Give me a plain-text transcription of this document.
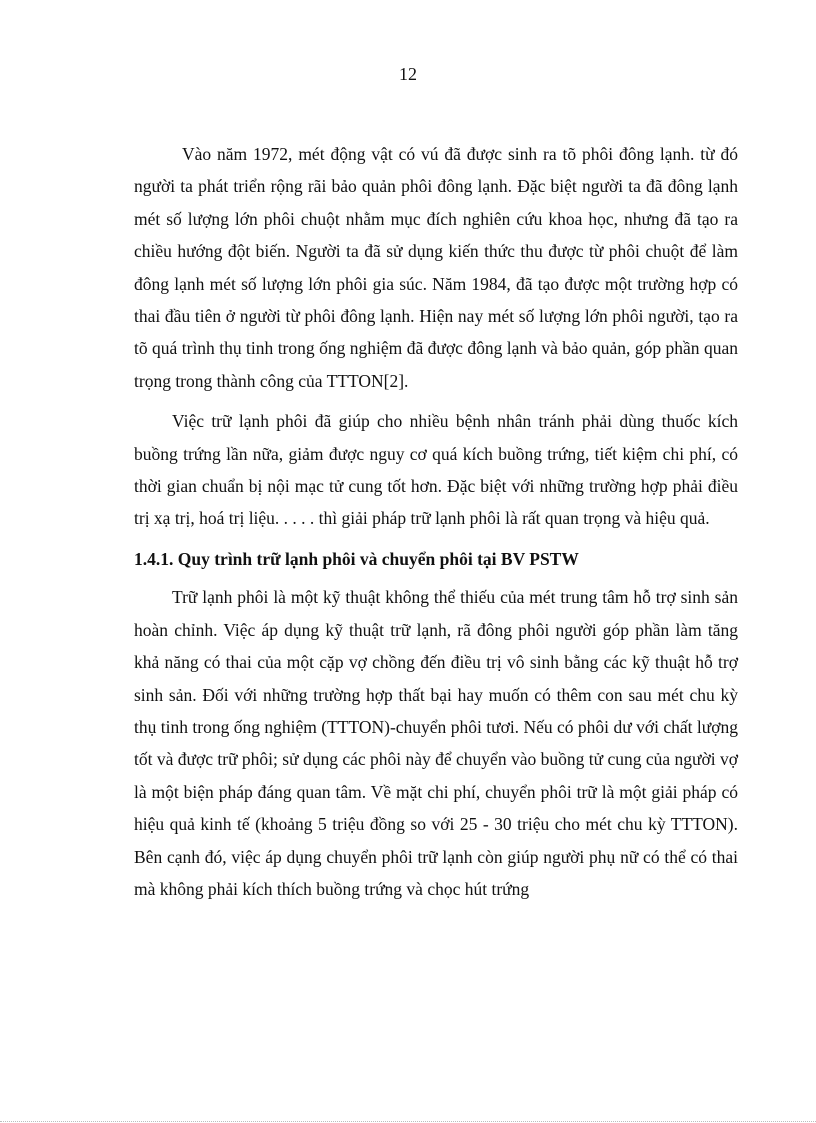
12

Vào năm 1972, mét động vật có vú đã được sinh ra tõ phôi đông lạnh. từ đó người ta phát triển rộng rãi bảo quản phôi đông lạnh. Đặc biệt người ta đã đông lạnh mét số lượng lớn phôi chuột nhằm mục đích nghiên cứu khoa học, nhưng đã tạo ra chiều hướng đột biến. Người ta đã sử dụng kiến thức thu được từ phôi chuột để làm đông lạnh mét số lượng lớn phôi gia súc. Năm 1984, đã tạo được một trường hợp có thai đầu tiên ở người từ phôi đông lạnh. Hiện nay mét số lượng lớn phôi người, tạo ra tõ quá trình thụ tinh trong ống nghiệm đã được đông lạnh và bảo quản, góp phần quan trọng trong thành công của TTTON[2].

Việc trữ lạnh phôi đã giúp cho nhiều bệnh nhân tránh phải dùng thuốc kích buồng trứng lần nữa, giảm được nguy cơ quá kích buồng trứng, tiết kiệm chi phí, có thời gian chuẩn bị nội mạc tử cung tốt hơn. Đặc biệt với những trường hợp phải điều trị xạ trị, hoá trị liệu. . . . . thì giải pháp trữ lạnh phôi là rất quan trọng và hiệu quả.

1.4.1. Quy trình trữ lạnh phôi và chuyển phôi tại BV PSTW

Trữ lạnh phôi là một kỹ thuật không thể thiếu của mét trung tâm hỗ trợ sinh sản hoàn chỉnh. Việc áp dụng kỹ thuật trữ lạnh, rã đông phôi người góp phần làm tăng khả năng có thai của một cặp vợ chồng đến điều trị vô sinh bằng các kỹ thuật hỗ trợ sinh sản. Đối với những trường hợp thất bại hay muốn có thêm con sau mét chu kỳ thụ tinh trong ống nghiệm (TTTON)-chuyển phôi tươi. Nếu có phôi dư với chất lượng tốt và được trữ phôi; sử dụng các phôi này để chuyển vào buồng tử cung của người vợ là một biện pháp đáng quan tâm. Về mặt chi phí, chuyển phôi trữ là một giải pháp có hiệu quả kinh tế (khoảng 5 triệu đồng so với 25 - 30 triệu cho mét chu kỳ TTTON). Bên cạnh đó, việc áp dụng chuyển phôi trữ lạnh còn giúp người phụ nữ có thể có thai mà không phải kích thích buồng trứng và chọc hút trứng
